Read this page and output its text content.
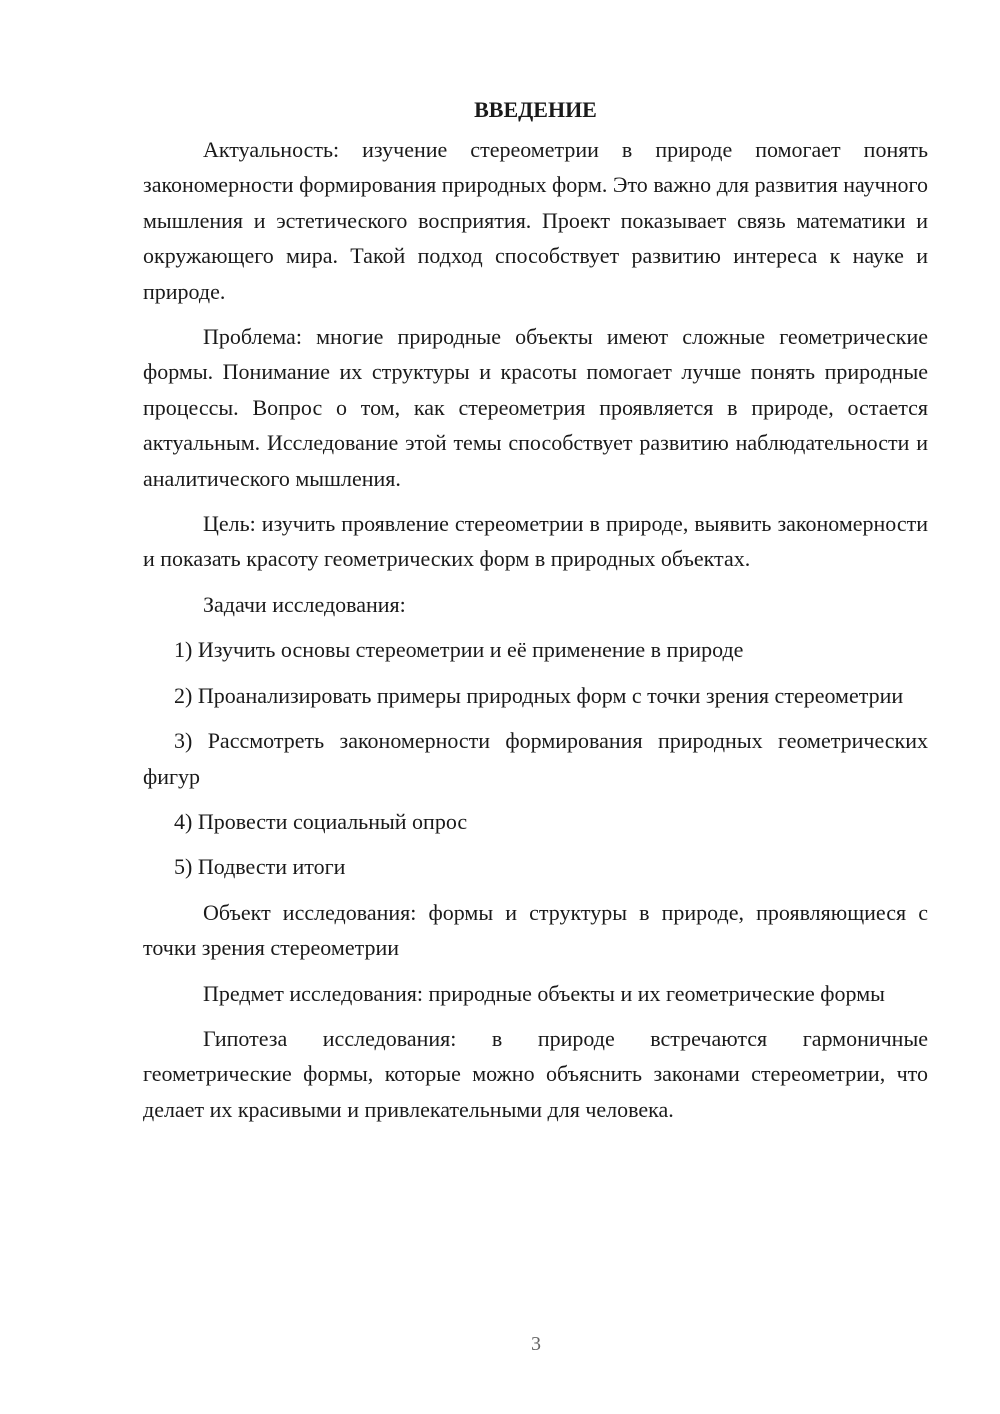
ВВЕДЕНИЕ

Актуальность: изучение стереометрии в природе помогает понять закономерности формирования природных форм. Это важно для развития научного мышления и эстетического восприятия. Проект показывает связь математики и окружающего мира. Такой подход способствует развитию интереса к науке и природе.

Проблема: многие природные объекты имеют сложные геометрические формы. Понимание их структуры и красоты помогает лучше понять природные процессы. Вопрос о том, как стереометрия проявляется в природе, остается актуальным. Исследование этой темы способствует развитию наблюдательности и аналитического мышления.

Цель: изучить проявление стереометрии в природе, выявить закономерности и показать красоту геометрических форм в природных объектах.

Задачи исследования:

1) Изучить основы стереометрии и её применение в природе

2) Проанализировать примеры природных форм с точки зрения стереометрии

3) Рассмотреть закономерности формирования природных геометрических фигур

4) Провести социальный опрос

5) Подвести итоги

Объект исследования: формы и структуры в природе, проявляющиеся с точки зрения стереометрии

Предмет исследования: природные объекты и их геометрические формы

Гипотеза исследования: в природе встречаются гармоничные геометрические формы, которые можно объяснить законами стереометрии, что делает их красивыми и привлекательными для человека.

3
